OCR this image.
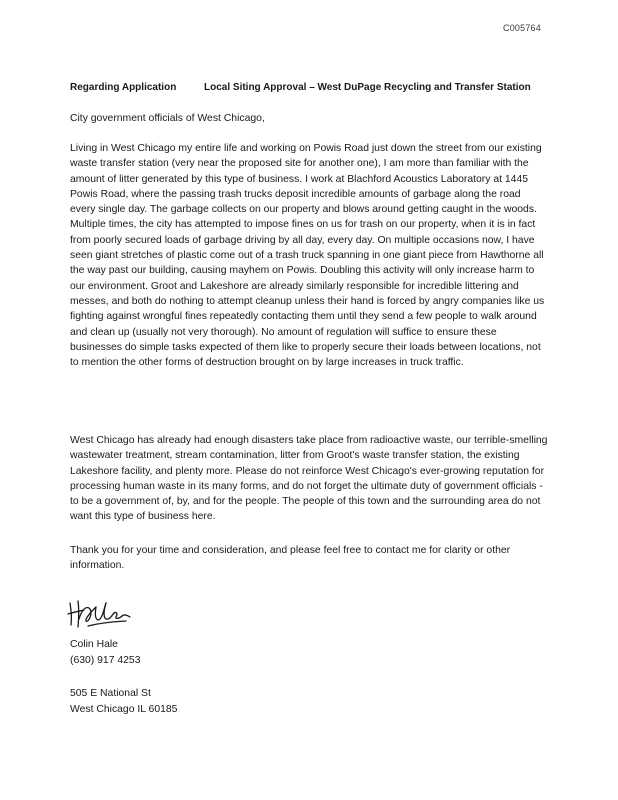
C005764
Regarding Application	Local Siting Approval – West DuPage Recycling and Transfer Station
City government officials of West Chicago,

Living in West Chicago my entire life and working on Powis Road just down the street from our existing waste transfer station (very near the proposed site for another one), I am more than familiar with the amount of litter generated by this type of business. I work at Blachford Acoustics Laboratory at 1445 Powis Road, where the passing trash trucks deposit incredible amounts of garbage along the road every single day. The garbage collects on our property and blows around getting caught in the woods. Multiple times, the city has attempted to impose fines on us for trash on our property, when it is in fact from poorly secured loads of garbage driving by all day, every day. On multiple occasions now, I have seen giant stretches of plastic come out of a trash truck spanning in one giant piece from Hawthorne all the way past our building, causing mayhem on Powis. Doubling this activity will only increase harm to our environment. Groot and Lakeshore are already similarly responsible for incredible littering and messes, and both do nothing to attempt cleanup unless their hand is forced by angry companies like us fighting against wrongful fines repeatedly contacting them until they send a few people to walk around and clean up (usually not very thorough). No amount of regulation will suffice to ensure these businesses do simple tasks expected of them like to properly secure their loads between locations, not to mention the other forms of destruction brought on by large increases in truck traffic.

West Chicago has already had enough disasters take place from radioactive waste, our terrible-smelling wastewater treatment, stream contamination, litter from Groot's waste transfer station, the existing Lakeshore facility, and plenty more. Please do not reinforce West Chicago's ever-growing reputation for processing human waste in its many forms, and do not forget the ultimate duty of government officials - to be a government of, by, and for the people. The people of this town and the surrounding area do not want this type of business here.

Thank you for your time and consideration, and please feel free to contact me for clarity or other information.

Colin Hale
(630) 917 4253
505 E National St
West Chicago IL 60185
